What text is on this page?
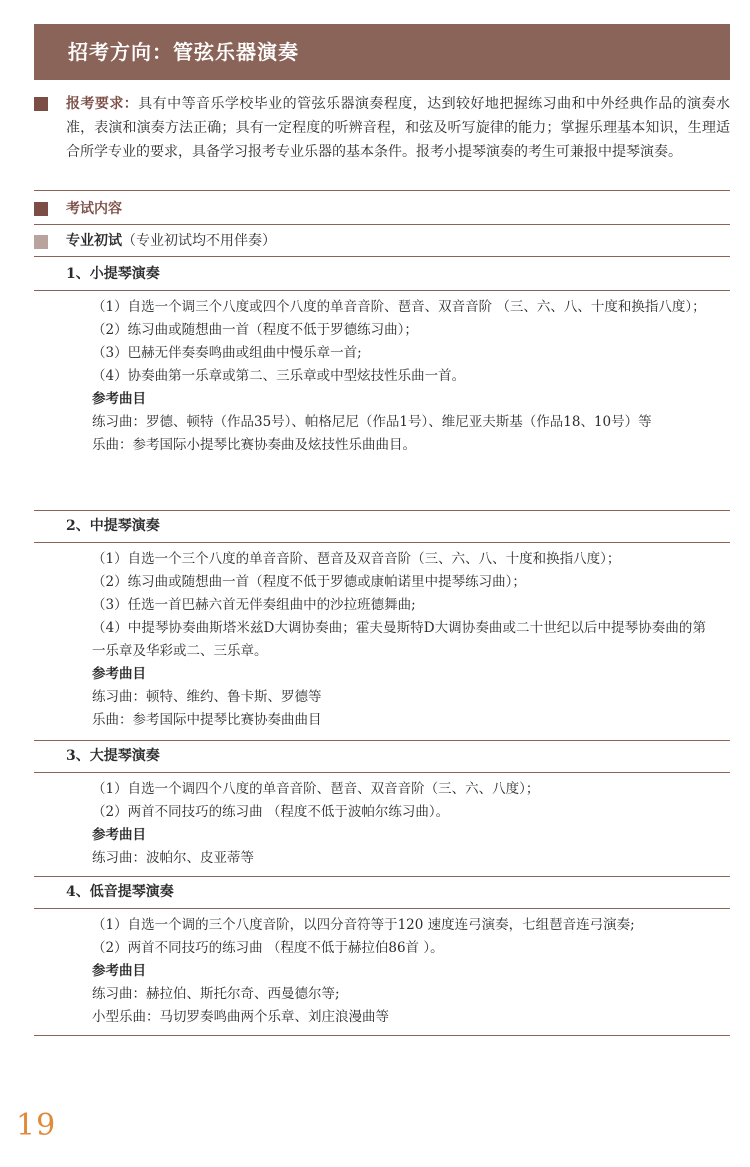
招考方向：管弦乐器演奏

报考要求：具有中等音乐学校毕业的管弦乐器演奏程度，达到较好地把握练习曲和中外经典作品的演奏水准，表演和演奏方法正确；具有一定程度的听辨音程，和弦及听写旋律的能力；掌握乐理基本知识，生理适合所学专业的要求，具备学习报考专业乐器的基本条件。报考小提琴演奏的考生可兼报中提琴演奏。

考试内容
专业初试（专业初试均不用伴奏）
1、小提琴演奏

（1）自选一个调三个八度或四个八度的单音音阶、琶音、双音音阶 （三、六、八、十度和换指八度）；

（2）练习曲或随想曲一首（程度不低于罗德练习曲）；

（3）巴赫无伴奏奏鸣曲或组曲中慢乐章一首;

（4）协奏曲第一乐章或第二、三乐章或中型炫技性乐曲一首。

参考曲目

练习曲：罗德、顿特（作品35号）、帕格尼尼（作品1号）、维尼亚夫斯基（作品18、10号）等

乐曲：参考国际小提琴比赛协奏曲及炫技性乐曲曲目。

2、中提琴演奏

（1）自选一个三个八度的单音音阶、琶音及双音音阶（三、六、八、十度和换指八度）；

（2）练习曲或随想曲一首（程度不低于罗德或康帕诺里中提琴练习曲）；

（3）任选一首巴赫六首无伴奏组曲中的沙拉班德舞曲;

（4）中提琴协奏曲斯塔米兹D大调协奏曲；霍夫曼斯特D大调协奏曲或二十世纪以后中提琴协奏曲的第一乐章及华彩或二、三乐章。

参考曲目

练习曲：顿特、维约、鲁卡斯、罗德等

乐曲：参考国际中提琴比赛协奏曲曲目

3、大提琴演奏

（1）自选一个调四个八度的单音音阶、琶音、双音音阶（三、六、八度）；

（2）两首不同技巧的练习曲 （程度不低于波帕尔练习曲）。

参考曲目

练习曲：波帕尔、皮亚蒂等

4、低音提琴演奏

（1）自选一个调的三个八度音阶，以四分音符等于120 速度连弓演奏，七组琶音连弓演奏;

（2）两首不同技巧的练习曲 （程度不低于赫拉伯86首 ）。

参考曲目

练习曲：赫拉伯、斯托尔奇、西曼德尔等;

小型乐曲：马切罗奏鸣曲两个乐章、刘庄浪漫曲等

19
